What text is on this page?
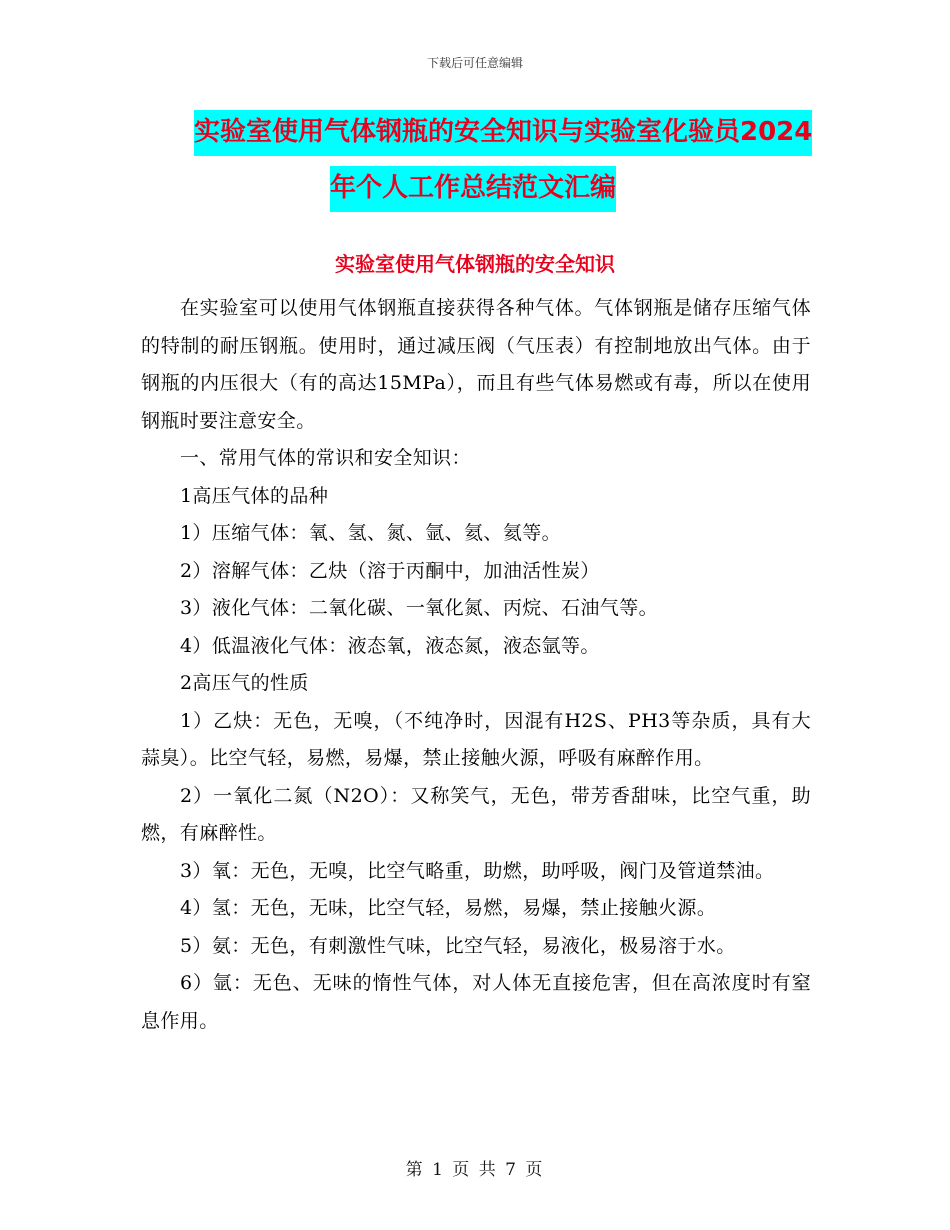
下载后可任意编辑
实验室使用气体钢瓶的安全知识与实验室化验员2024
年个人工作总结范文汇编
实验室使用气体钢瓶的安全知识

在实验室可以使用气体钢瓶直接获得各种气体。气体钢瓶是储存压缩气体的特制的耐压钢瓶。使用时，通过减压阀（气压表）有控制地放出气体。由于钢瓶的内压很大（有的高达15MPa），而且有些气体易燃或有毒，所以在使用钢瓶时要注意安全。

一、常用气体的常识和安全知识：

1高压气体的品种

1）压缩气体：氧、氢、氮、氩、氦、氦等。

2）溶解气体：乙炔（溶于丙酮中，加油活性炭）

3）液化气体：二氧化碳、一氧化氮、丙烷、石油气等。

4）低温液化气体：液态氧，液态氮，液态氩等。

2高压气的性质

1）乙炔：无色，无嗅，（不纯净时，因混有H2S、PH3等杂质，具有大蒜臭）。比空气轻，易燃，易爆，禁止接触火源，呼吸有麻醉作用。

2）一氧化二氮（N2O）：又称笑气，无色，带芳香甜味，比空气重，助燃，有麻醉性。

3）氧：无色，无嗅，比空气略重，助燃，助呼吸，阀门及管道禁油。

4）氢：无色，无味，比空气轻，易燃，易爆，禁止接触火源。

5）氨：无色，有刺激性气味，比空气轻，易液化，极易溶于水。

6）氩：无色、无味的惰性气体，对人体无直接危害，但在高浓度时有窒息作用。

第 1 页 共 7 页
